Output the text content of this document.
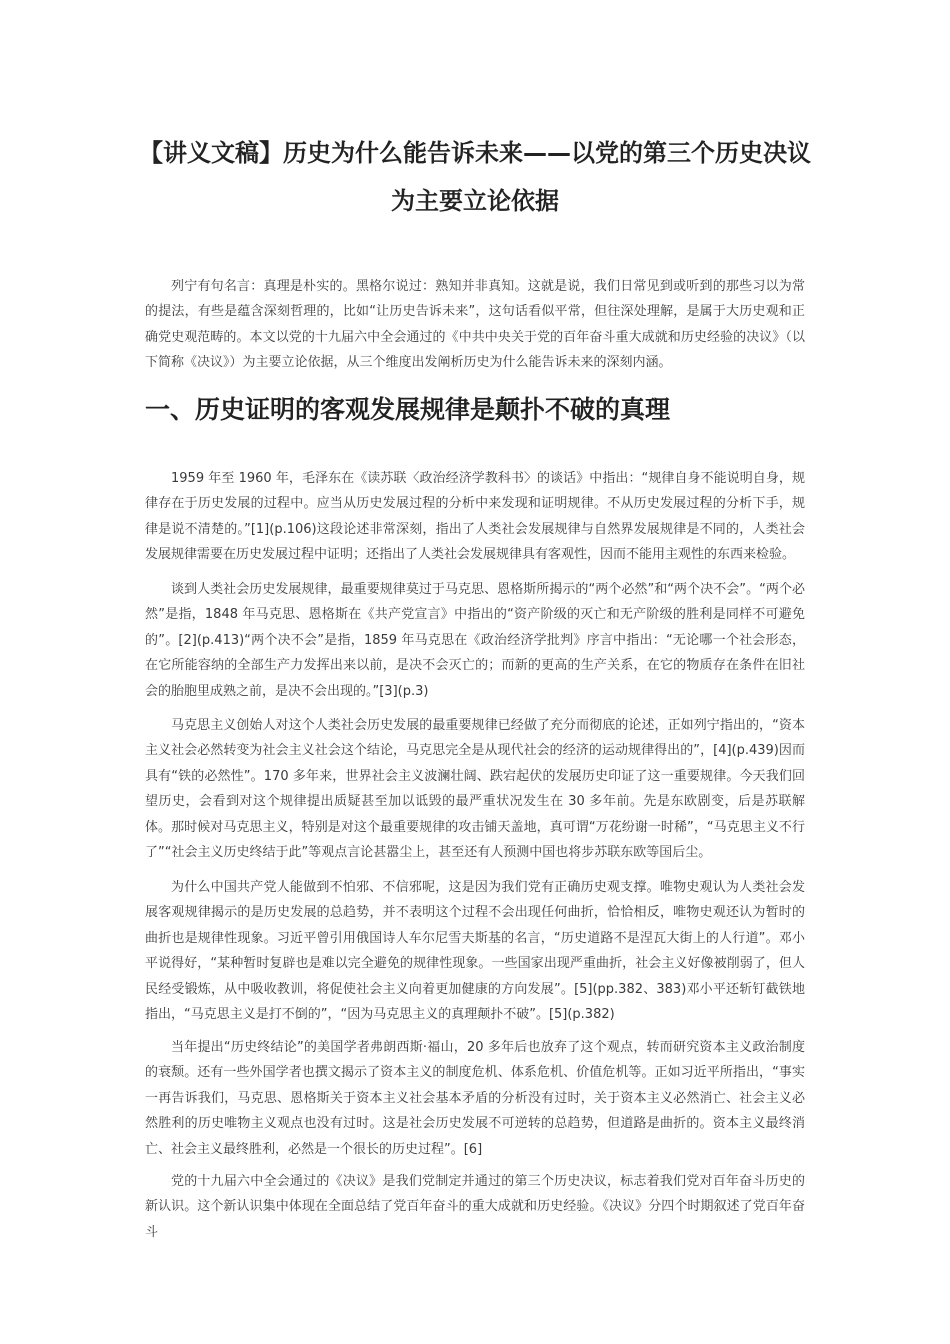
【讲义文稿】历史为什么能告诉未来——以党的第三个历史决议
为主要立论依据

列宁有句名言：真理是朴实的。黑格尔说过：熟知并非真知。这就是说，我们日常见到或听到的那些习以为常的提法，有些是蕴含深刻哲理的，比如“让历史告诉未来”，这句话看似平常，但往深处理解，是属于大历史观和正确党史观范畴的。本文以党的十九届六中全会通过的《中共中央关于党的百年奋斗重大成就和历史经验的决议》（以下简称《决议》）为主要立论依据，从三个维度出发阐析历史为什么能告诉未来的深刻内涵。

一、历史证明的客观发展规律是颠扑不破的真理

1959 年至 1960 年，毛泽东在《读苏联〈政治经济学教科书〉的谈话》中指出：“规律自身不能说明自身，规律存在于历史发展的过程中。应当从历史发展过程的分析中来发现和证明规律。不从历史发展过程的分析下手，规律是说不清楚的。”[1](p.106)这段论述非常深刻，指出了人类社会发展规律与自然界发展规律是不同的，人类社会发展规律需要在历史发展过程中证明；还指出了人类社会发展规律具有客观性，因而不能用主观性的东西来检验。

谈到人类社会历史发展规律，最重要规律莫过于马克思、恩格斯所揭示的“两个必然”和“两个决不会”。“两个必然”是指，1848 年马克思、恩格斯在《共产党宣言》中指出的“资产阶级的灭亡和无产阶级的胜利是同样不可避免的”。[2](p.413)“两个决不会”是指，1859 年马克思在《政治经济学批判》序言中指出：“无论哪一个社会形态，在它所能容纳的全部生产力发挥出来以前，是决不会灭亡的；而新的更高的生产关系，在它的物质存在条件在旧社会的胎胞里成熟之前，是决不会出现的。”[3](p.3)

马克思主义创始人对这个人类社会历史发展的最重要规律已经做了充分而彻底的论述，正如列宁指出的，“资本主义社会必然转变为社会主义社会这个结论，马克思完全是从现代社会的经济的运动规律得出的”，[4](p.439)因而具有“铁的必然性”。170 多年来，世界社会主义波澜壮阔、跌宕起伏的发展历史印证了这一重要规律。今天我们回望历史，会看到对这个规律提出质疑甚至加以诋毁的最严重状况发生在 30 多年前。先是东欧剧变，后是苏联解体。那时候对马克思主义，特别是对这个最重要规律的攻击铺天盖地，真可谓“万花纷谢一时稀”，“马克思主义不行了”“社会主义历史终结于此”等观点言论甚嚣尘上，甚至还有人预测中国也将步苏联东欧等国后尘。

为什么中国共产党人能做到不怕邪、不信邪呢，这是因为我们党有正确历史观支撑。唯物史观认为人类社会发展客观规律揭示的是历史发展的总趋势，并不表明这个过程不会出现任何曲折，恰恰相反，唯物史观还认为暂时的曲折也是规律性现象。习近平曾引用俄国诗人车尔尼雪夫斯基的名言，“历史道路不是涅瓦大街上的人行道”。邓小平说得好，“某种暂时复辟也是难以完全避免的规律性现象。一些国家出现严重曲折，社会主义好像被削弱了，但人民经受锻炼，从中吸收教训，将促使社会主义向着更加健康的方向发展”。[5](pp.382、383)邓小平还斩钉截铁地指出，“马克思主义是打不倒的”，“因为马克思主义的真理颠扑不破”。[5](p.382)

当年提出“历史终结论”的美国学者弗朗西斯·福山，20 多年后也放弃了这个观点，转而研究资本主义政治制度的衰颓。还有一些外国学者也撰文揭示了资本主义的制度危机、体系危机、价值危机等。正如习近平所指出，“事实一再告诉我们，马克思、恩格斯关于资本主义社会基本矛盾的分析没有过时，关于资本主义必然消亡、社会主义必然胜利的历史唯物主义观点也没有过时。这是社会历史发展不可逆转的总趋势，但道路是曲折的。资本主义最终消亡、社会主义最终胜利，必然是一个很长的历史过程”。[6]

党的十九届六中全会通过的《决议》是我们党制定并通过的第三个历史决议，标志着我们党对百年奋斗历史的新认识。这个新认识集中体现在全面总结了党百年奋斗的重大成就和历史经验。《决议》分四个时期叙述了党百年奋斗
